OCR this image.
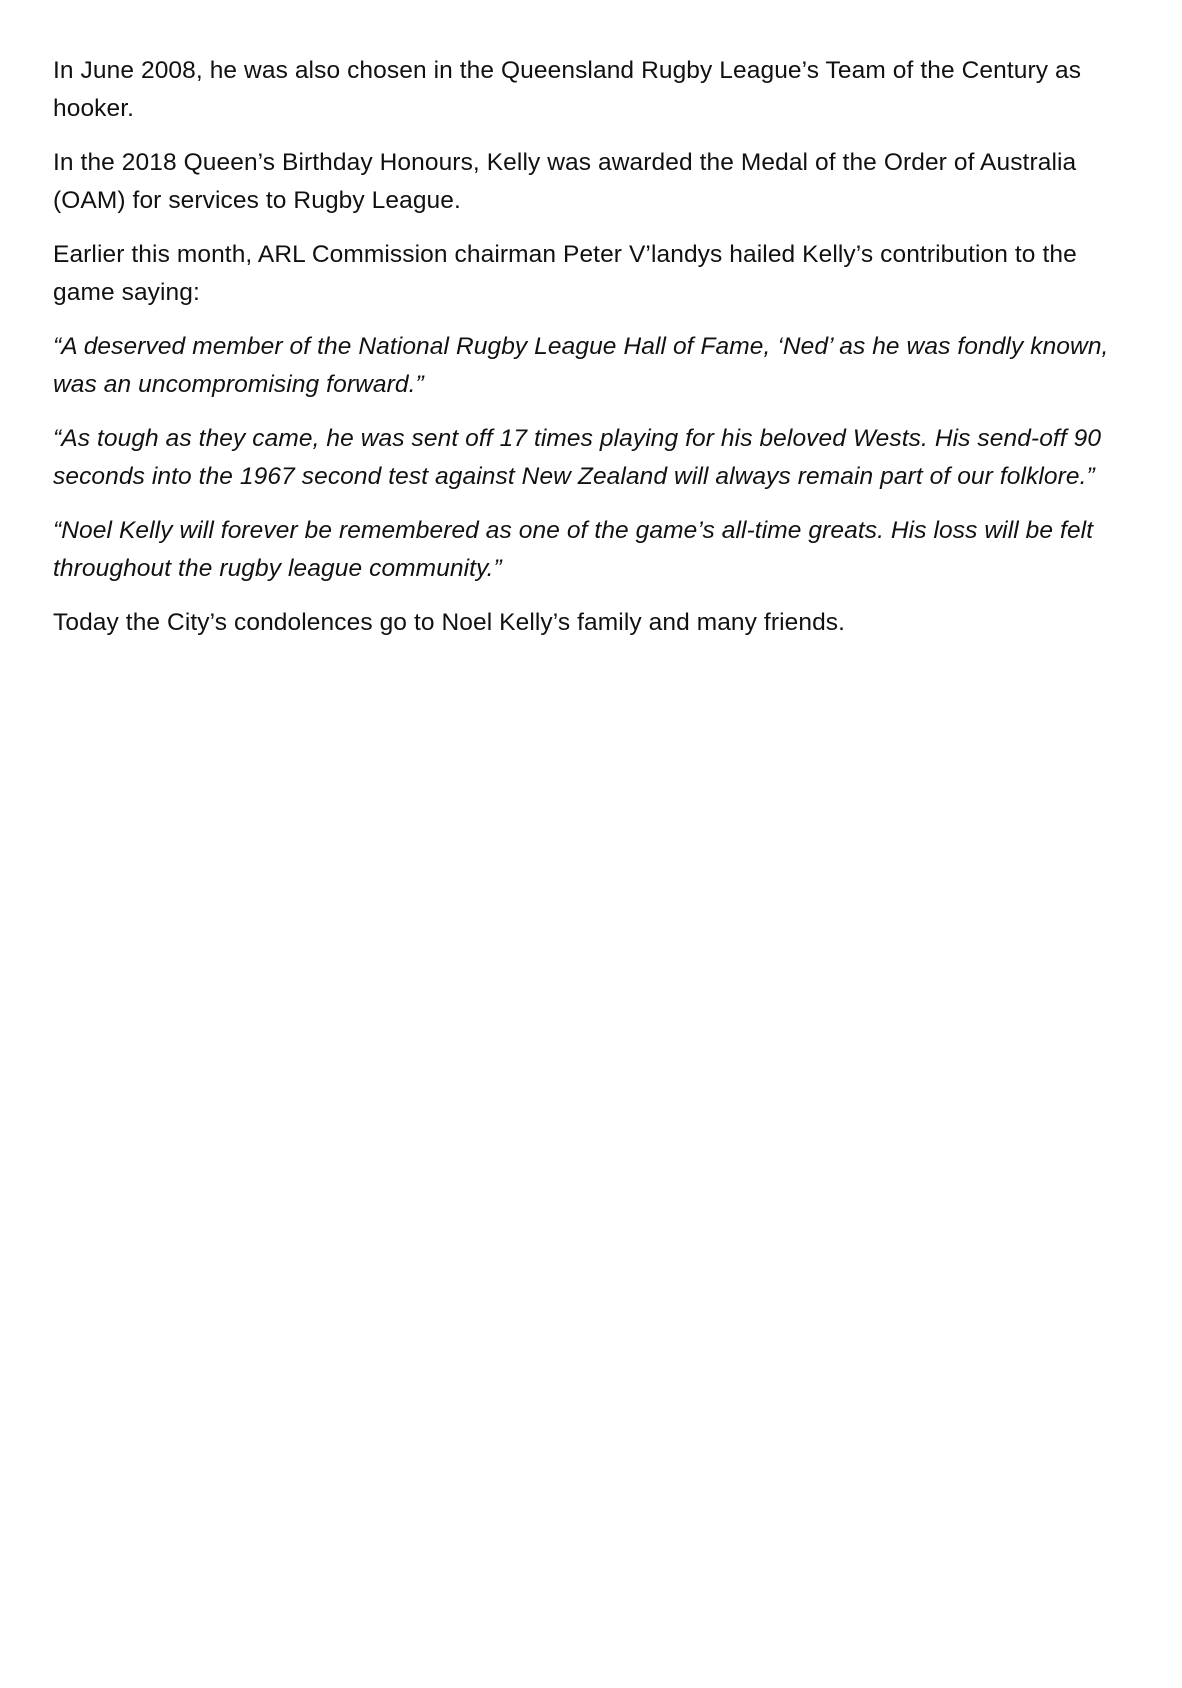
In June 2008, he was also chosen in the Queensland Rugby League’s Team of the Century as hooker.

In the 2018 Queen’s Birthday Honours, Kelly was awarded the Medal of the Order of Australia (OAM) for services to Rugby League.

Earlier this month, ARL Commission chairman Peter V’landys hailed Kelly’s contribution to the game saying:

“A deserved member of the National Rugby League Hall of Fame, ‘Ned’ as he was fondly known, was an uncompromising forward.”

“As tough as they came, he was sent off 17 times playing for his beloved Wests. His send-off 90 seconds into the 1967 second test against New Zealand will always remain part of our folklore.”

“Noel Kelly will forever be remembered as one of the game’s all-time greats. His loss will be felt throughout the rugby league community.”

Today the City’s condolences go to Noel Kelly’s family and many friends.
